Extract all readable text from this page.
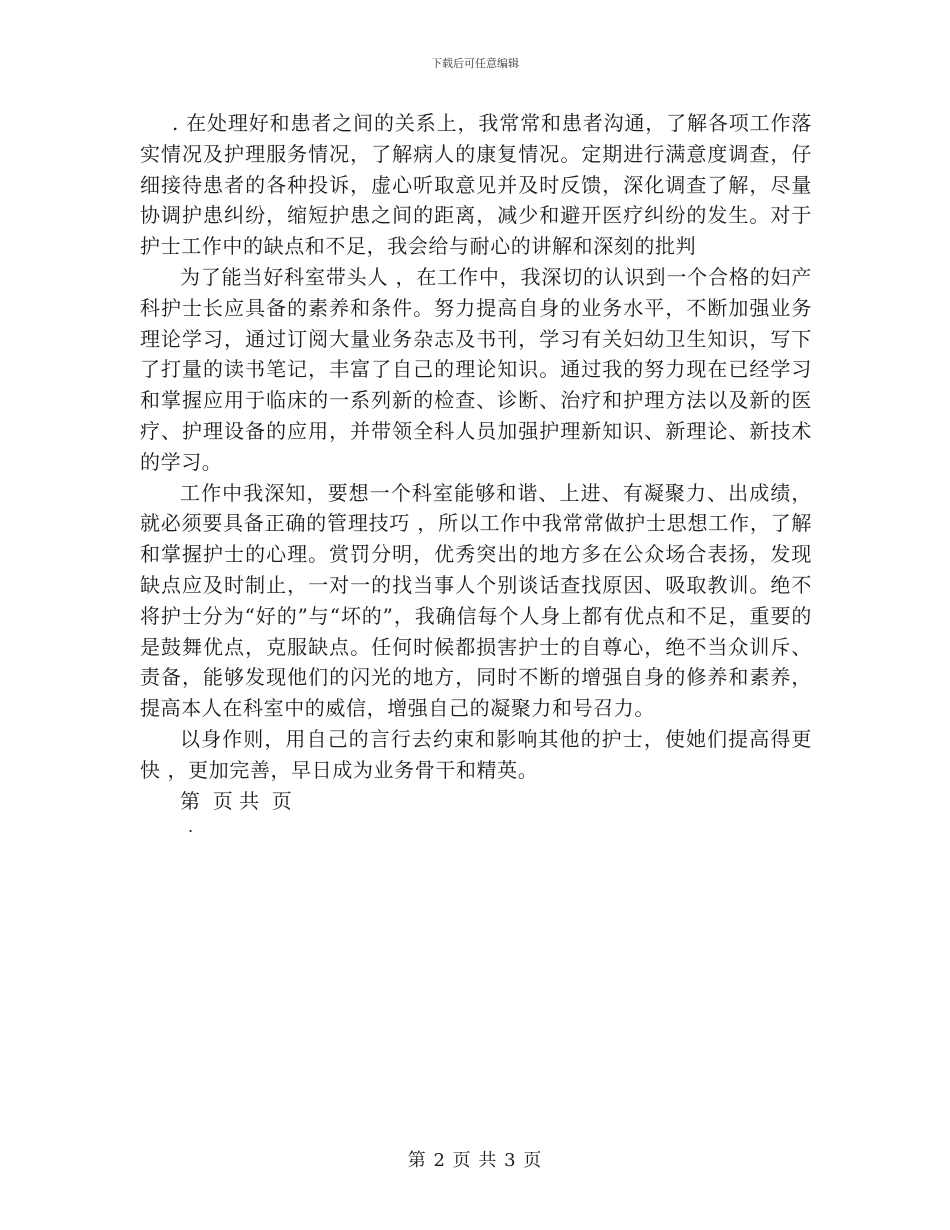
下载后可任意编辑

. 在处理好和患者之间的关系上，我常常和患者沟通，了解各项工作落实情况及护理服务情况，了解病人的康复情况。定期进行满意度调查，仔细接待患者的各种投诉，虚心听取意见并及时反馈，深化调查了解，尽量协调护患纠纷，缩短护患之间的距离，减少和避开医疗纠纷的发生。对于护士工作中的缺点和不足，我会给与耐心的讲解和深刻的批判

为了能当好科室带头人 ，在工作中，我深切的认识到一个合格的妇产科护士长应具备的素养和条件。努力提高自身的业务水平，不断加强业务理论学习，通过订阅大量业务杂志及书刊，学习有关妇幼卫生知识，写下了打量的读书笔记，丰富了自己的理论知识。通过我的努力现在已经学习和掌握应用于临床的一系列新的检查、诊断、治疗和护理方法以及新的医疗、护理设备的应用，并带领全科人员加强护理新知识、新理论、新技术的学习。

工作中我深知，要想一个科室能够和谐、上进、有凝聚力、出成绩，就必须要具备正确的管理技巧 ，所以工作中我常常做护士思想工作，了解和掌握护士的心理。赏罚分明，优秀突出的地方多在公众场合表扬，发现缺点应及时制止，一对一的找当事人个别谈话查找原因、吸取教训。绝不将护士分为“好的”与“坏的”，我确信每个人身上都有优点和不足，重要的是鼓舞优点，克服缺点。任何时候都损害护士的自尊心，绝不当众训斥、责备，能够发现他们的闪光的地方，同时不断的增强自身的修养和素养，提高本人在科室中的威信，增强自己的凝聚力和号召力。

以身作则，用自己的言行去约束和影响其他的护士，使她们提高得更快 ，更加完善，早日成为业务骨干和精英。

第  页 共  页

.

第 2 页 共 3 页
